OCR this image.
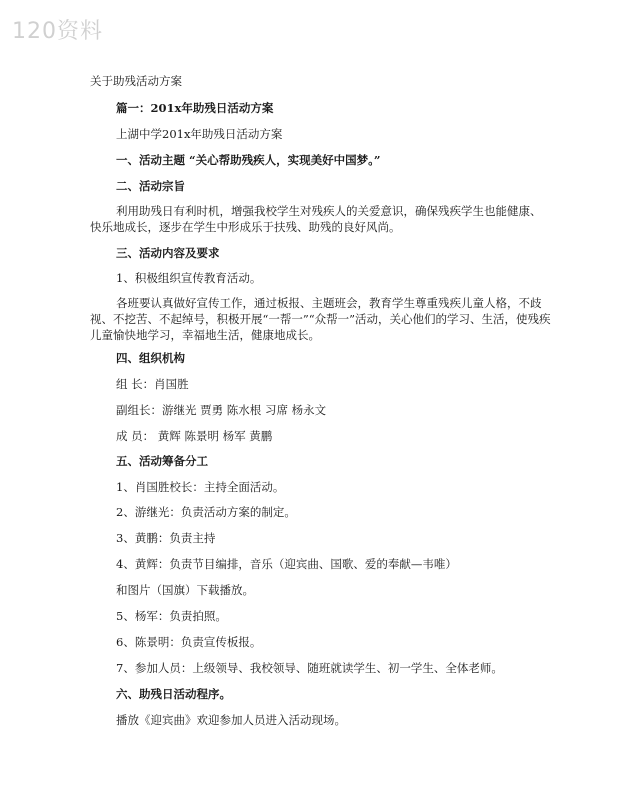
120资料
关于助残活动方案
篇一：201x年助残日活动方案
上湖中学201x年助残日活动方案
一、活动主题 “关心帮助残疾人，实现美好中国梦。”
二、活动宗旨
利用助残日有利时机，增强我校学生对残疾人的关爱意识，确保残疾学生也能健康、快乐地成长，逐步在学生中形成乐于扶残、助残的良好风尚。
三、活动内容及要求
1、积极组织宣传教育活动。
各班要认真做好宣传工作，通过板报、主题班会，教育学生尊重残疾儿童人格，不歧视、不挖苦、不起绰号，积极开展“一帮一”“众帮一”活动，关心他们的学习、生活，使残疾儿童愉快地学习，幸福地生活，健康地成长。
四、组织机构
组 长：肖国胜
副组长：游继光 贾勇 陈水根 习席 杨永文
成 员： 黄辉 陈景明 杨军 黄鹏
五、活动筹备分工
1、肖国胜校长：主持全面活动。
2、游继光：负责活动方案的制定。
3、黄鹏：负责主持
4、黄辉：负责节目编排，音乐（迎宾曲、国歌、爱的奉献—韦唯）
和图片（国旗）下载播放。
5、杨军：负责拍照。
6、陈景明：负责宣传板报。
7、参加人员：上级领导、我校领导、随班就读学生、初一学生、全体老师。
六、助残日活动程序。
播放《迎宾曲》欢迎参加人员进入活动现场。
